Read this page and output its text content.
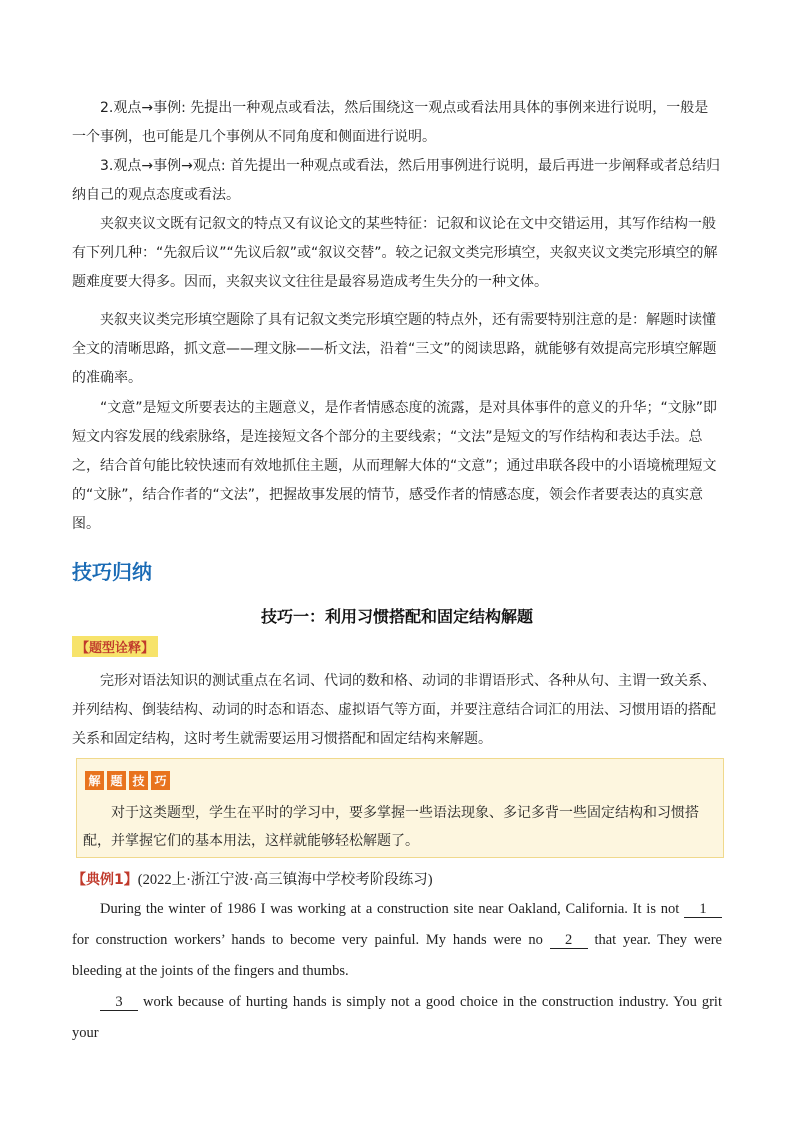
2.观点→事例: 先提出一种观点或看法，然后围绕这一观点或看法用具体的事例来进行说明，一般是一个事例，也可能是几个事例从不同角度和侧面进行说明。

3.观点→事例→观点: 首先提出一种观点或看法，然后用事例进行说明，最后再进一步阐释或者总结归纳自己的观点态度或看法。

夹叙夹议文既有记叙文的特点又有议论文的某些特征：记叙和议论在文中交错运用，其写作结构一般有下列几种：“先叙后议”“先议后叙”或“叙议交替”。较之记叙文类完形填空，夹叙夹议文类完形填空的解题难度要大得多。因而，夹叙夹议文往往是最容易造成考生失分的一种文体。

夹叙夹议类完形填空题除了具有记叙文类完形填空题的特点外，还有需要特别注意的是：解题时读懂全文的清晰思路，抓文意——理文脉——析文法，沿着“三文”的阅读思路，就能够有效提高完形填空解题的准确率。

“文意”是短文所要表达的主题意义，是作者情感态度的流露，是对具体事件的意义的升华；“文脉”即短文内容发展的线索脉络，是连接短文各个部分的主要线索；“文法”是短文的写作结构和表达手法。总之，结合首句能比较快速而有效地抓住主题，从而理解大体的“文意”；通过串联各段中的小语境梳理短文的“文脉”，结合作者的“文法”，把握故事发展的情节，感受作者的情感态度，领会作者要表达的真实意图。

技巧归纳
技巧一：利用习惯搭配和固定结构解题
【题型诠释】

完形对语法知识的测试重点在名词、代词的数和格、动词的非谓语形式、各种从句、主谓一致关系、并列结构、倒装结构、动词的时态和语态、虚拟语气等方面，并要注意结合词汇的用法、习惯用语的搭配关系和固定结构，这时考生就需要运用习惯搭配和固定结构来解题。

解 题 技 巧

对于这类题型，学生在平时的学习中，要多掌握一些语法现象、多记多背一些固定结构和习惯搭配，并掌握它们的基本用法，这样就能够轻松解题了。

【典例1】(2022上·浙江宁波·高三镇海中学校考阶段练习)

During the winter of 1986 I was working at a construction site near Oakland, California. It is not 1 for construction workers’ hands to become very painful. My hands were no 2 that year. They were bleeding at the joints of the fingers and thumbs.

3 work because of hurting hands is simply not a good choice in the construction industry. You grit your
